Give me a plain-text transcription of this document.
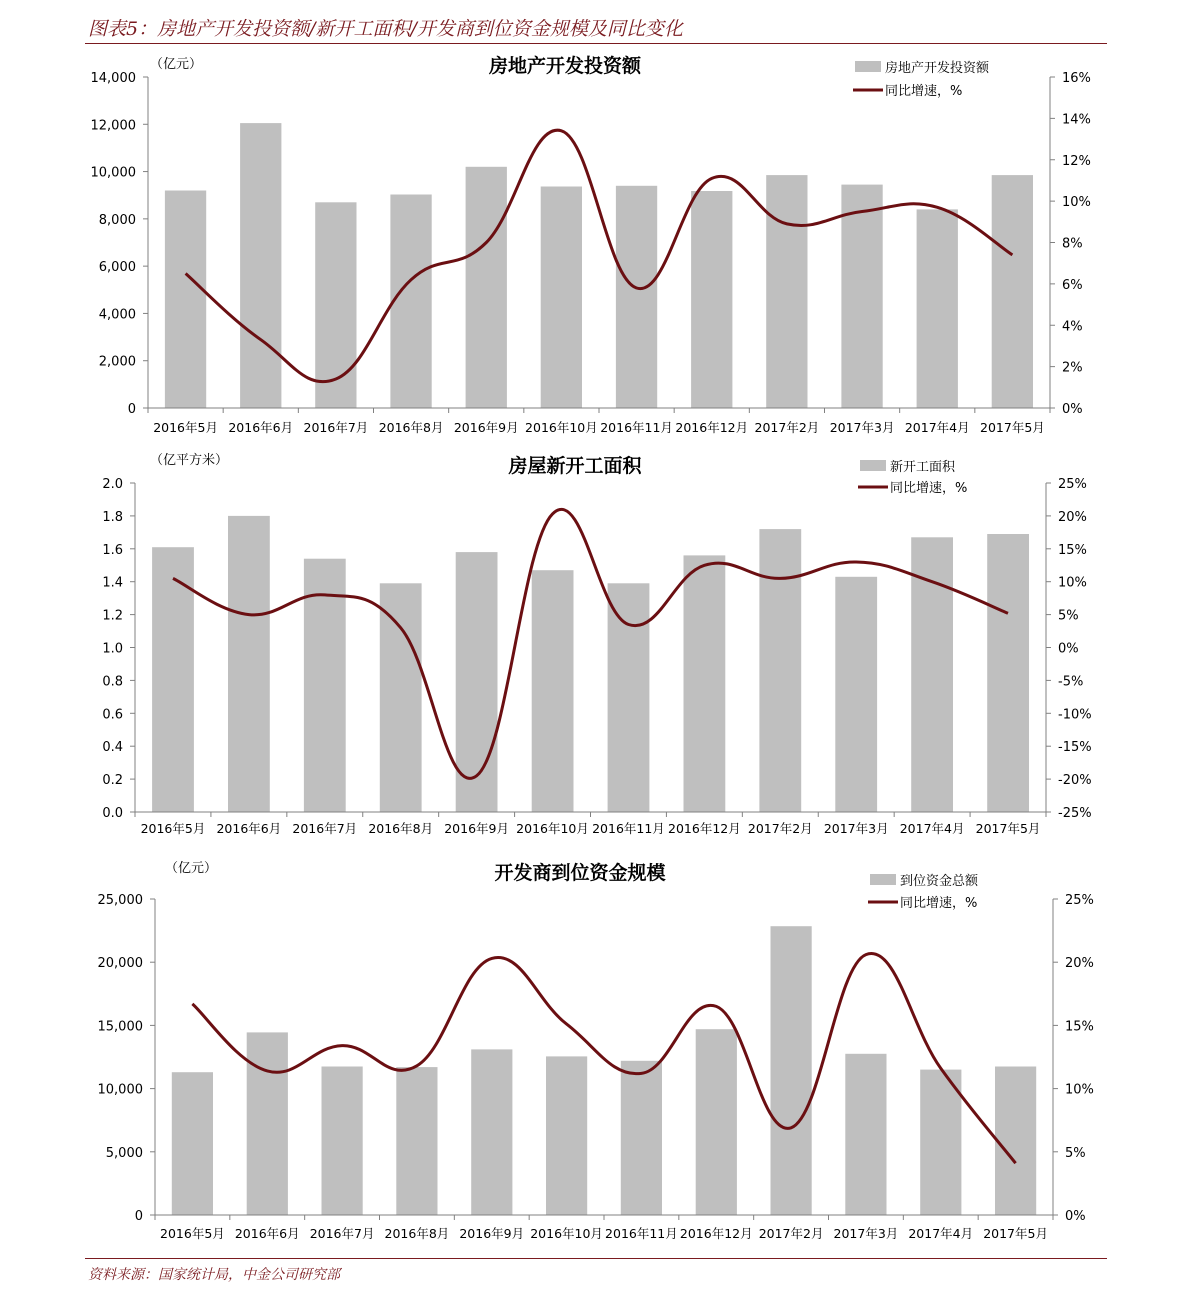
图表5：房地产开发投资额/新开工面积/开发商到位资金规模及同比变化
房地产开发投资额
（亿元）
0
2,000
4,000
6,000
8,000
10,000
12,000
14,000
0%
2%
4%
6%
8%
10%
12%
14%
16%
2016年5月 2016年6月 2016年7月 2016年8月 2016年9月 2016年10月 2016年11月 2016年12月 2017年2月 2017年3月 2017年4月 2017年5月
房地产开发投资额
同比增速，%
房屋新开工面积
（亿平方米）
0.0
0.2
0.4
0.6
0.8
1.0
1.2
1.4
1.6
1.8
2.0
-25%
-20%
-15%
-10%
-5%
0%
5%
10%
15%
20%
25%
2016年5月 2016年6月 2016年7月 2016年8月 2016年9月 2016年10月 2016年11月 2016年12月 2017年2月 2017年3月 2017年4月 2017年5月
新开工面积
同比增速，%
开发商到位资金规模
（亿元）
0
5,000
10,000
15,000
20,000
25,000
0%
5%
10%
15%
20%
25%
2016年5月 2016年6月 2016年7月 2016年8月 2016年9月 2016年10月 2016年11月 2016年12月 2017年2月 2017年3月 2017年4月 2017年5月
到位资金总额
同比增速，%
资料来源：国家统计局，中金公司研究部
